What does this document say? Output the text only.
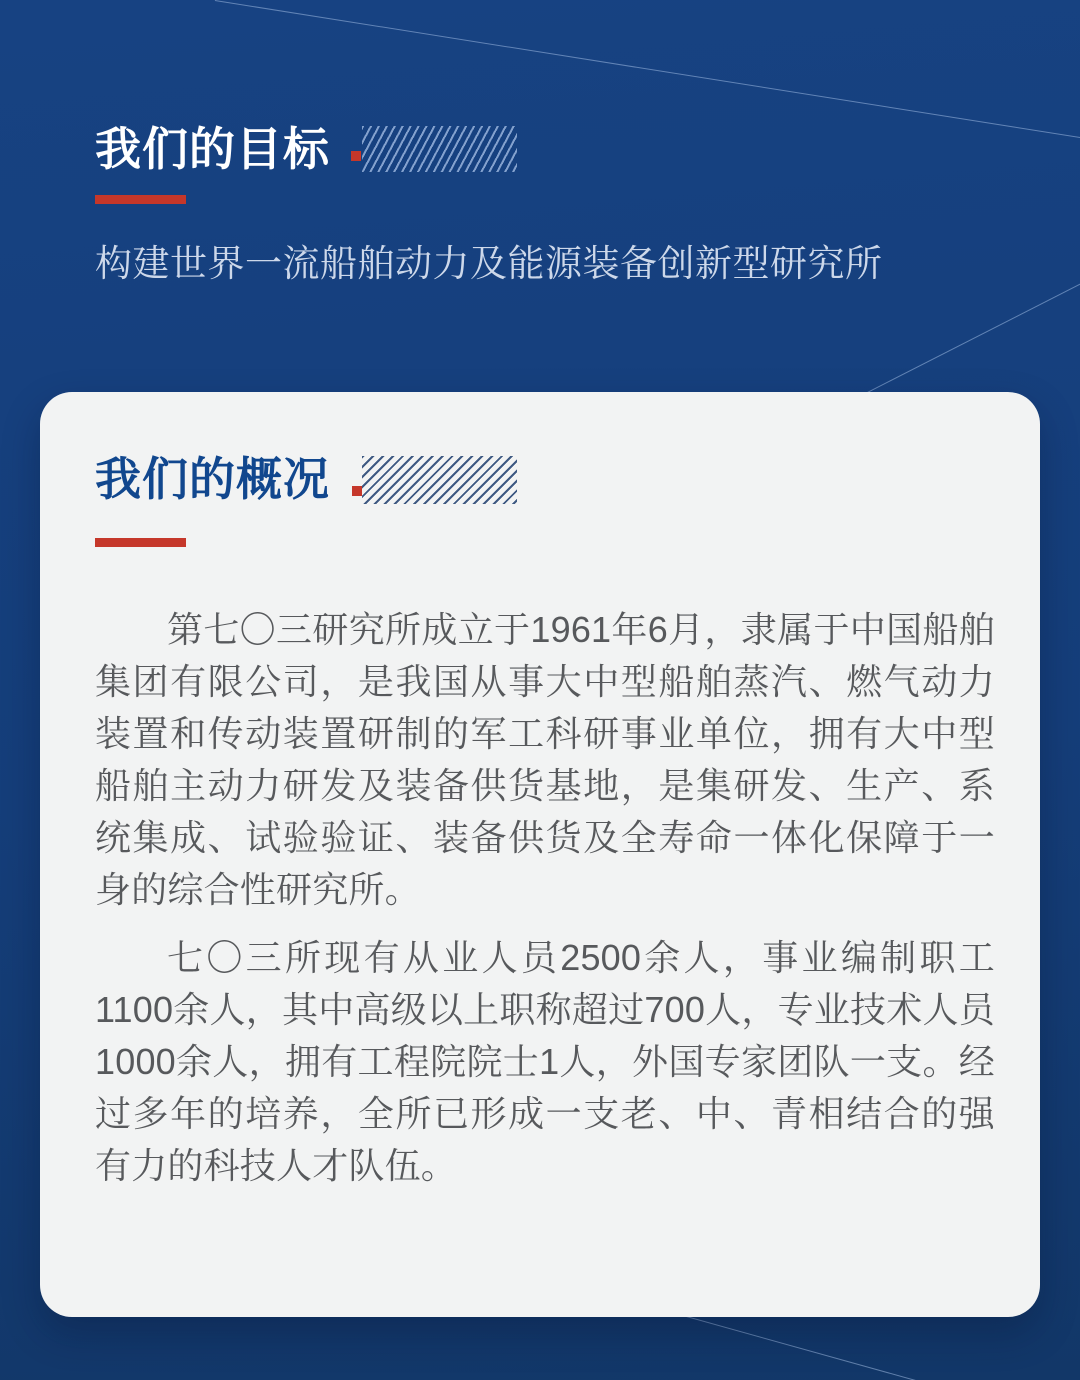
我们的目标

构建世界一流船舶动力及能源装备创新型研究所

我们的概况

第七〇三研究所成立于1961年6月，隶属于中国船舶集团有限公司，是我国从事大中型船舶蒸汽、燃气动力装置和传动装置研制的军工科研事业单位，拥有大中型船舶主动力研发及装备供货基地，是集研发、生产、系统集成、试验验证、装备供货及全寿命一体化保障于一身的综合性研究所。

七〇三所现有从业人员2500余人，事业编制职工1100余人，其中高级以上职称超过700人，专业技术人员1000余人，拥有工程院院士1人，外国专家团队一支。经过多年的培养，全所已形成一支老、中、青相结合的强有力的科技人才队伍。
